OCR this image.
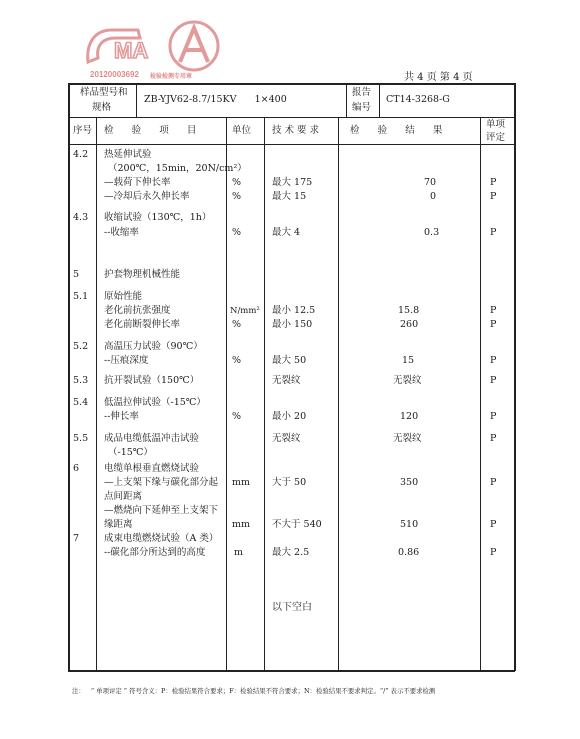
MA
20120003692 检验检测专用章	共 4 页 第 4 页
样品型号和
规格
ZB-YJV62-8.7/15KV      1×400
报告
编号
CT14-3268-G
序号 检      验      项      目	单位 技 术 要 求	检      验      结      果
单项
评定
4.2 热延伸试验
（200℃，15min，20N/cm²）
—载荷下伸长率	%	最大 175	70	P
—冷却后永久伸长率	%	最大 15	0	P
4.3 收缩试验（130℃，1h）
--收缩率	%	最大 4	0.3	P
5	护套物理机械性能
5.1 原始性能
老化前抗张强度	N/mm² 最小 12.5	15.8	P
老化前断裂伸长率	%	最小 150	260	P
5.2 高温压力试验（90℃）
--压痕深度	%	最大 50	15	P
5.3 抗开裂试验（150℃）	无裂纹	无裂纹	P
5.4 低温拉伸试验（-15℃）
--伸长率	%	最小 20	120	P
5.5 成品电缆低温冲击试验	无裂纹	无裂纹	P
（-15℃）
6	电缆单根垂直燃烧试验
—上支架下缘与碳化部分起 mm 大于 50	350	P
点间距离
—燃烧向下延伸至上支架下
缘距离	mm 不大于 540	510	P
7	成束电缆燃烧试验（A 类）
--碳化部分所达到的高度	m	最大 2.5	0.86	P
以下空白
注：   “ 单项评定 ” 符号含义：P：检验结果符合要求；F：检验结果不符合要求；N：检验结果不要求判定。“/” 表示不要求检测
